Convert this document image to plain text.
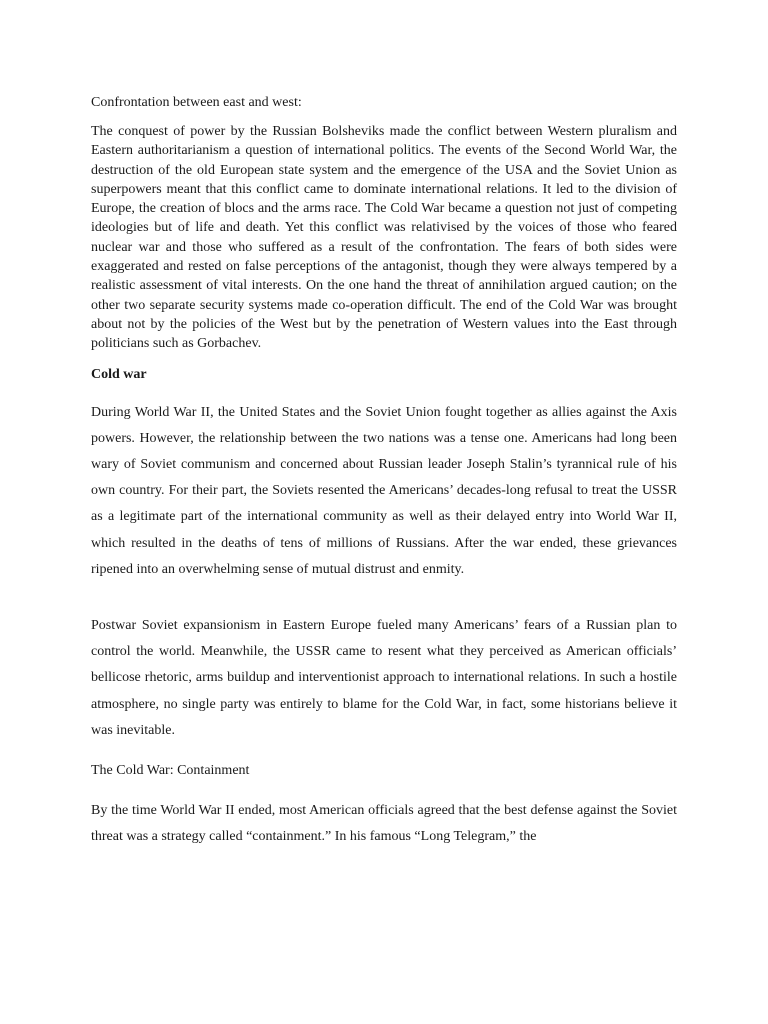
Confrontation between east and west:

The conquest of power by the Russian Bolsheviks made the conflict between Western pluralism and Eastern authoritarianism a question of international politics. The events of the Second World War, the destruction of the old European state system and the emergence of the USA and the Soviet Union as superpowers meant that this conflict came to dominate international relations. It led to the division of Europe, the creation of blocs and the arms race. The Cold War became a question not just of competing ideologies but of life and death. Yet this conflict was relativised by the voices of those who feared nuclear war and those who suffered as a result of the confrontation. The fears of both sides were exaggerated and rested on false perceptions of the antagonist, though they were always tempered by a realistic assessment of vital interests. On the one hand the threat of annihilation argued caution; on the other two separate security systems made co-operation difficult. The end of the Cold War was brought about not by the policies of the West but by the penetration of Western values into the East through politicians such as Gorbachev.

Cold war

During World War II, the United States and the Soviet Union fought together as allies against the Axis powers. However, the relationship between the two nations was a tense one. Americans had long been wary of Soviet communism and concerned about Russian leader Joseph Stalin’s tyrannical rule of his own country. For their part, the Soviets resented the Americans’ decades-long refusal to treat the USSR as a legitimate part of the international community as well as their delayed entry into World War II, which resulted in the deaths of tens of millions of Russians. After the war ended, these grievances ripened into an overwhelming sense of mutual distrust and enmity.

Postwar Soviet expansionism in Eastern Europe fueled many Americans’ fears of a Russian plan to control the world. Meanwhile, the USSR came to resent what they perceived as American officials’ bellicose rhetoric, arms buildup and interventionist approach to international relations. In such a hostile atmosphere, no single party was entirely to blame for the Cold War, in fact, some historians believe it was inevitable.

The Cold War: Containment

By the time World War II ended, most American officials agreed that the best defense against the Soviet threat was a strategy called “containment.” In his famous “Long Telegram,” the
